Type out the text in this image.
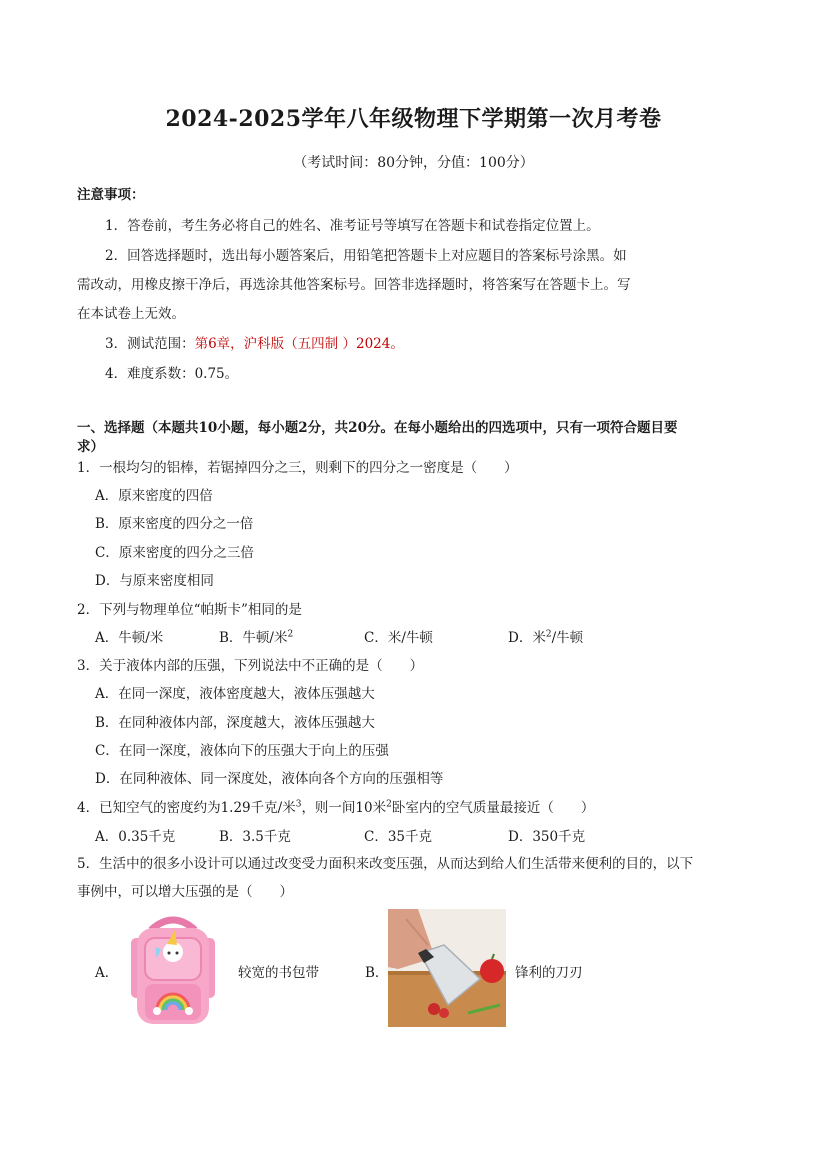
2024-2025学年八年级物理下学期第一次月考卷
（考试时间：80分钟，分值：100分）
注意事项：
1．答卷前，考生务必将自己的姓名、准考证号等填写在答题卡和试卷指定位置上。
2．回答选择题时，选出每小题答案后，用铅笔把答题卡上对应题目的答案标号涂黑。如
需改动，用橡皮擦干净后，再选涂其他答案标号。回答非选择题时，将答案写在答题卡上。写
在本试卷上无效。
3．测试范围：第6章，沪科版（五四制 ）2024。
4．难度系数：0.75。
一、选择题（本题共10小题，每小题2分，共20分。在每小题给出的四选项中，只有一项符合题目要
求）
1．一根均匀的铝棒，若锯掉四分之三，则剩下的四分之一密度是（　　）
A．原来密度的四倍
B．原来密度的四分之一倍
C．原来密度的四分之三倍
D．与原来密度相同
2．下列与物理单位“帕斯卡”相同的是
A．牛顿/米	B．牛顿/米$^2$	C．米/牛顿	D．米$^2$/牛顿
3．关于液体内部的压强，下列说法中不正确的是（　　）
A．在同一深度，液体密度越大，液体压强越大
B．在同种液体内部，深度越大，液体压强越大
C．在同一深度，液体向下的压强大于向上的压强
D．在同种液体、同一深度处，液体向各个方向的压强相等
4．已知空气的密度约为1.29千克/米$^3$，则一间10米$^2$卧室内的空气质量最接近（　　）
A．0.35千克	B．3.5千克	C．35千克	D．350千克
5．生活中的很多小设计可以通过改变受力面积来改变压强，从而达到给人们生活带来便利的目的，以下
事例中，可以增大压强的是（　　）
A．	较宽的书包带	B．	锋利的刀刃
